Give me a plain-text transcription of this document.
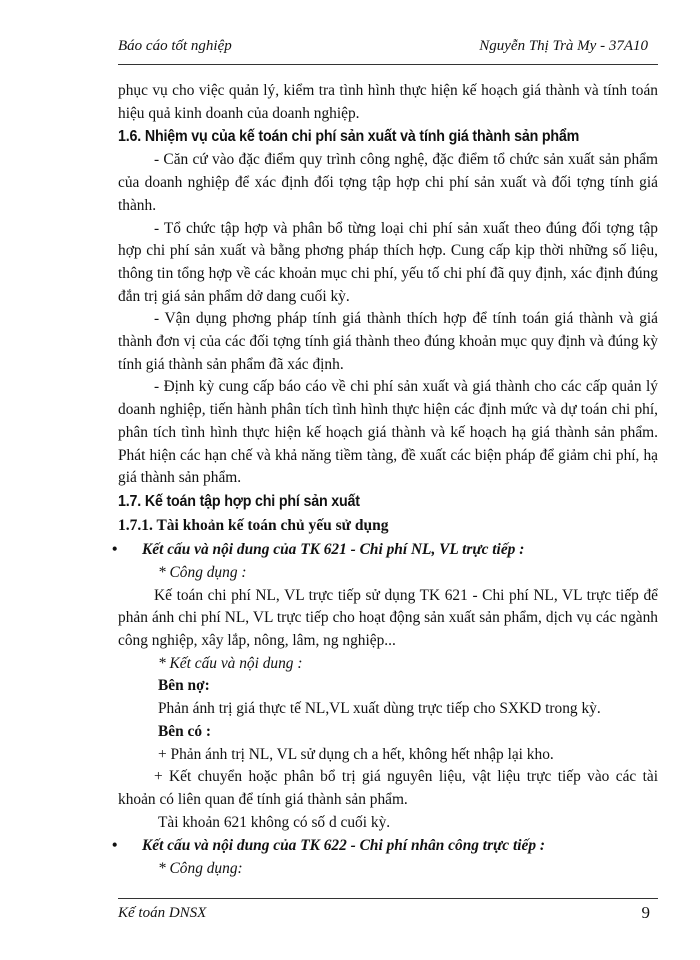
Báo cáo tốt nghiệp	Nguyễn Thị Trà My - 37A10

phục vụ cho việc quản lý, kiểm tra tình hình thực hiện kế hoạch giá thành và tính toán hiệu quả kinh doanh của doanh nghiệp.

1.6. Nhiệm vụ của kế toán chi phí sản xuất và tính giá thành sản phẩm

- Căn cứ vào đặc điểm quy trình công nghệ, đặc điểm tổ chức sản xuất sản phẩm của doanh nghiệp để xác định đối tợng tập hợp chi phí sản xuất và đối tợng tính giá thành.

- Tổ chức tập hợp và phân bổ từng loại chi phí sản xuất theo đúng đối tợng tập hợp chi phí sản xuất và bằng phơng pháp thích hợp. Cung cấp kịp thời những số liệu, thông tin tổng hợp về các khoản mục chi phí, yếu tố chi phí đã quy định, xác định đúng đắn trị giá sản phẩm dở dang cuối kỳ.

- Vận dụng phơng pháp tính giá thành thích hợp để tính toán giá thành và giá thành đơn vị của các đối tợng tính giá thành theo đúng khoản mục quy định và đúng kỳ tính giá thành sản phẩm đã xác định.

- Định kỳ cung cấp báo cáo về chi phí sản xuất và giá thành cho các cấp quản lý doanh nghiệp, tiến hành phân tích tình hình thực hiện các định mức và dự toán chi phí, phân tích tình hình thực hiện kế hoạch giá thành và kế hoạch hạ giá thành sản phẩm. Phát hiện các hạn chế và khả năng tiềm tàng, đề xuất các biện pháp để giảm chi phí, hạ giá thành sản phẩm.

1.7. Kế toán tập hợp chi phí sản xuất
1.7.1. Tài khoản kế toán chủ yếu sử dụng
•	Kết cấu và nội dung của TK 621 - Chi phí NL, VL trực tiếp :

* Công dụng :

Kế toán chi phí NL, VL trực tiếp sử dụng TK 621 - Chi phí NL, VL trực tiếp để phản ánh chi phí NL, VL trực tiếp cho hoạt động sản xuất sản phẩm, dịch vụ các ngành công nghiệp, xây lắp, nông, lâm, ng nghiệp...

* Kết cấu và nội dung :

Bên nợ:

Phản ánh trị giá thực tế NL,VL xuất dùng trực tiếp cho SXKD trong kỳ.

Bên có :

+ Phản ánh trị NL, VL sử dụng ch a hết, không hết nhập lại kho.

+ Kết chuyển hoặc phân bổ trị giá nguyên liệu, vật liệu trực tiếp vào các tài khoản có liên quan để tính giá thành sản phẩm.

Tài khoản 621 không có số d cuối kỳ.

•	Kết cấu và nội dung của TK 622 - Chi phí nhân công trực tiếp :

* Công dụng:

Kế toán DNSX	9
